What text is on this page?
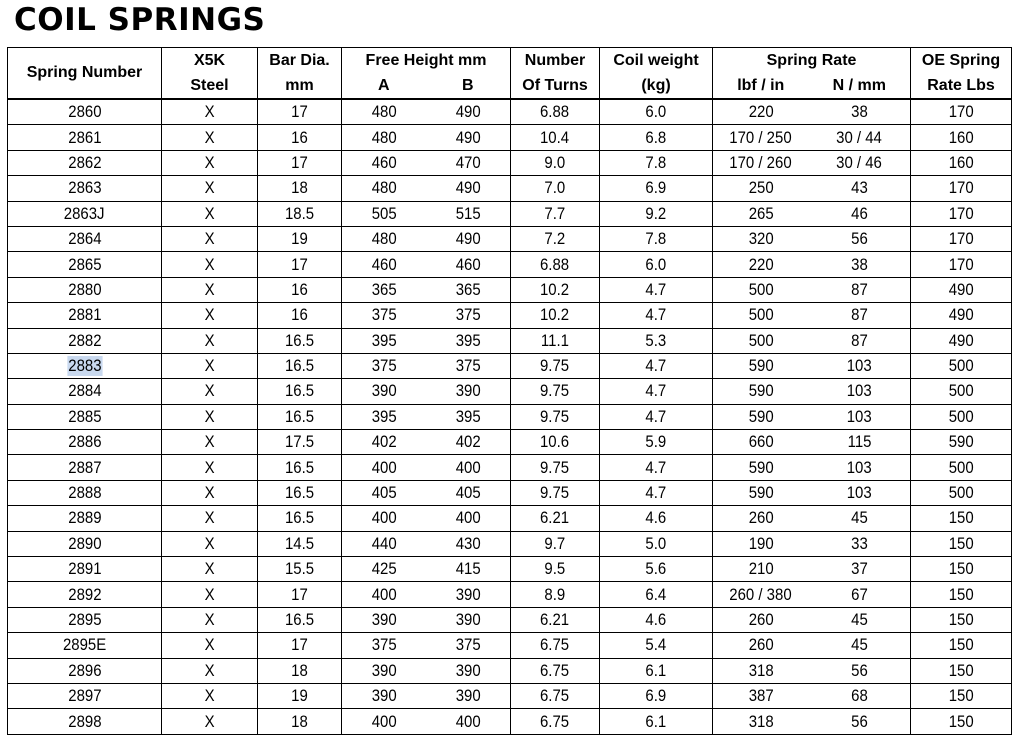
COIL SPRINGS
Spring Number	X5K	Bar Dia.	Free Height mm		Number	Coil weight	Spring Rate		OE Spring
	Steel	mm	A	B	Of Turns	(kg)	lbf / in	N / mm	Rate Lbs
2860	X	17	480	490	6.88	6.0	220	38	170
2861	X	16	480	490	10.4	6.8	170 / 250	30 / 44	160
2862	X	17	460	470	9.0	7.8	170 / 260	30 / 46	160
2863	X	18	480	490	7.0	6.9	250	43	170
2863J	X	18.5	505	515	7.7	9.2	265	46	170
2864	X	19	480	490	7.2	7.8	320	56	170
2865	X	17	460	460	6.88	6.0	220	38	170
2880	X	16	365	365	10.2	4.7	500	87	490
2881	X	16	375	375	10.2	4.7	500	87	490
2882	X	16.5	395	395	11.1	5.3	500	87	490
2883	X	16.5	375	375	9.75	4.7	590	103	500
2884	X	16.5	390	390	9.75	4.7	590	103	500
2885	X	16.5	395	395	9.75	4.7	590	103	500
2886	X	17.5	402	402	10.6	5.9	660	115	590
2887	X	16.5	400	400	9.75	4.7	590	103	500
2888	X	16.5	405	405	9.75	4.7	590	103	500
2889	X	16.5	400	400	6.21	4.6	260	45	150
2890	X	14.5	440	430	9.7	5.0	190	33	150
2891	X	15.5	425	415	9.5	5.6	210	37	150
2892	X	17	400	390	8.9	6.4	260 / 380	67	150
2895	X	16.5	390	390	6.21	4.6	260	45	150
2895E	X	17	375	375	6.75	5.4	260	45	150
2896	X	18	390	390	6.75	6.1	318	56	150
2897	X	19	390	390	6.75	6.9	387	68	150
2898	X	18	400	400	6.75	6.1	318	56	150
